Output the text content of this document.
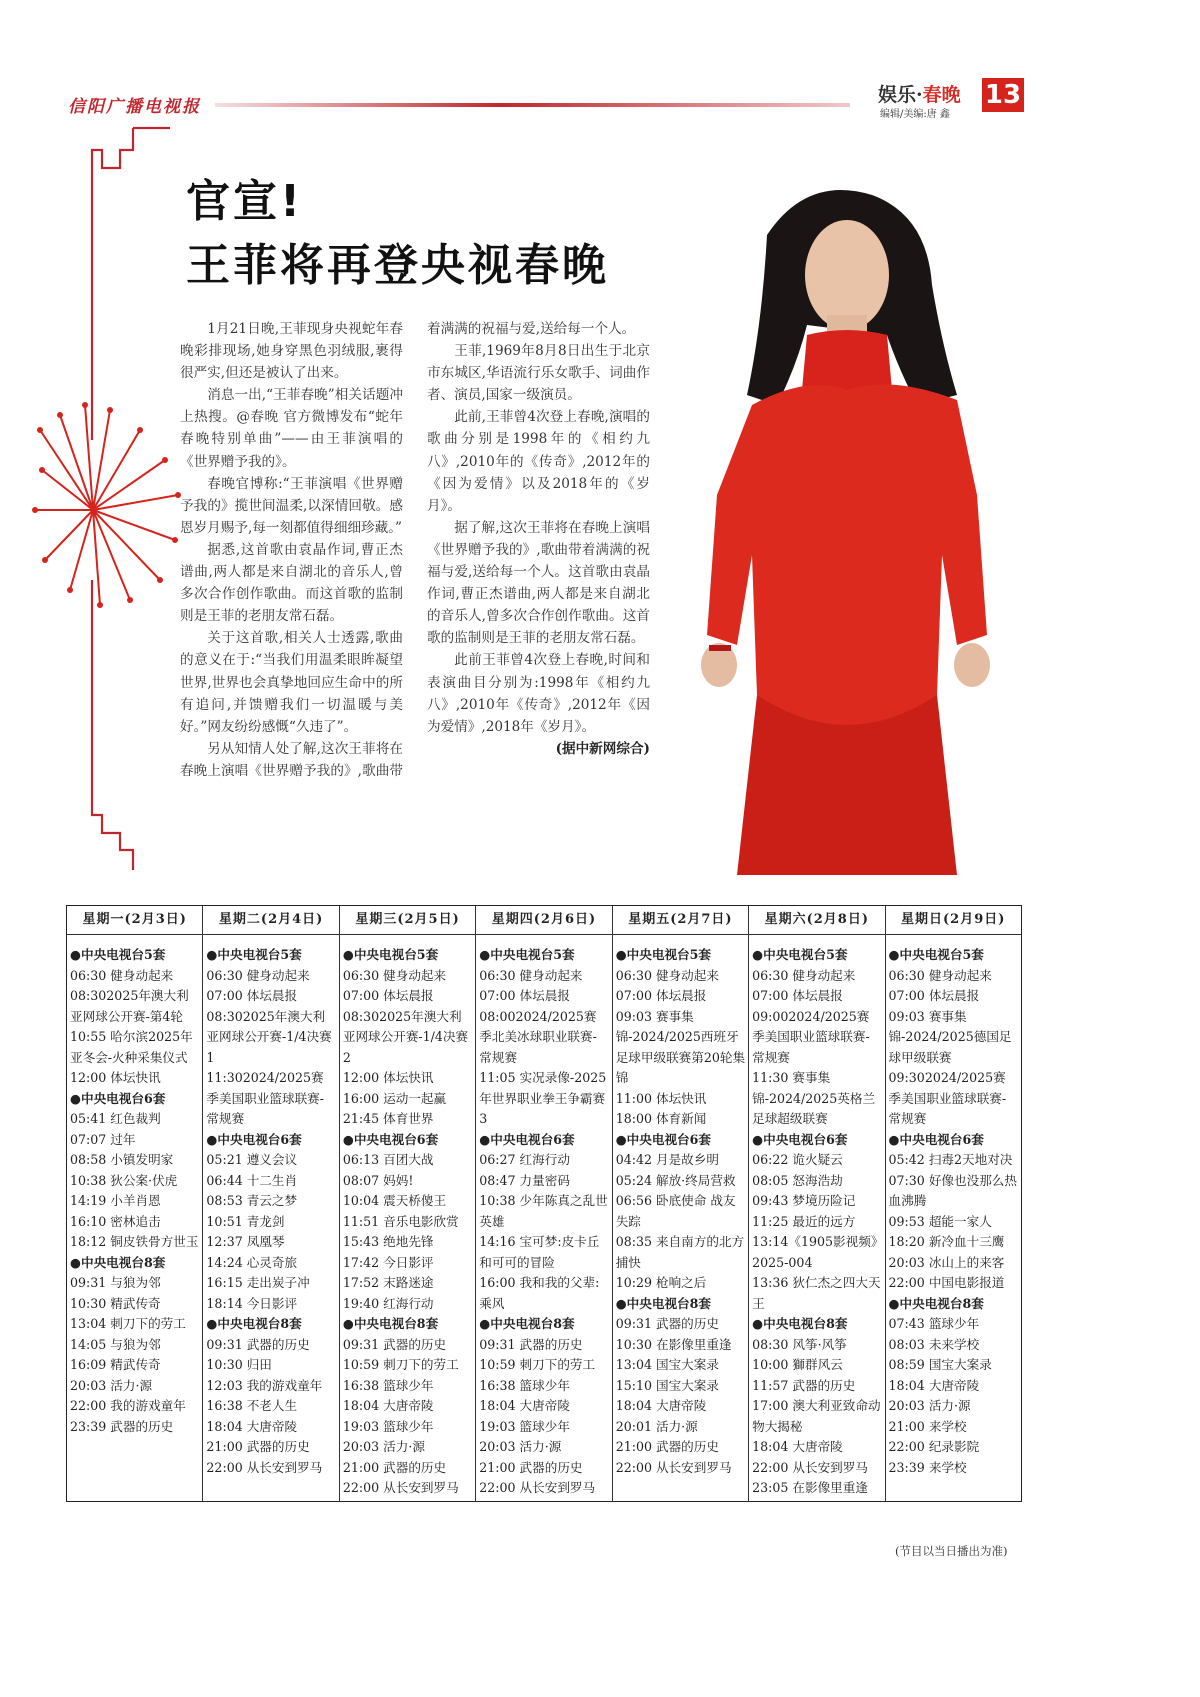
信阳广播电视报
娱乐·春晚
编辑/美编:唐 鑫
13
官宣!
王菲将再登央视春晚

1月21日晚,王菲现身央视蛇年春晚彩排现场,她身穿黑色羽绒服,裹得很严实,但还是被认了出来。

消息一出,“王菲春晚”相关话题冲上热搜。@春晚 官方微博发布“蛇年春晚特别单曲”——由王菲演唱的《世界赠予我的》。

春晚官博称:“王菲演唱《世界赠予我的》揽世间温柔,以深情回敬。感恩岁月赐予,每一刻都值得细细珍藏。”

据悉,这首歌由袁晶作词,曹正杰谱曲,两人都是来自湖北的音乐人,曾多次合作创作歌曲。而这首歌的监制则是王菲的老朋友常石磊。

关于这首歌,相关人士透露,歌曲的意义在于:“当我们用温柔眼眸凝望世界,世界也会真挚地回应生命中的所有追问,并馈赠我们一切温暖与美好。”网友纷纷感慨“久违了”。

另从知情人处了解,这次王菲将在春晚上演唱《世界赠予我的》,歌曲带着满满的祝福与爱,送给每一个人。

王菲,1969年8月8日出生于北京市东城区,华语流行乐女歌手、词曲作者、演员,国家一级演员。

此前,王菲曾4次登上春晚,演唱的歌曲分别是1998年的《相约九八》,2010年的《传奇》,2012年的《因为爱情》以及2018年的《岁月》。

据了解,这次王菲将在春晚上演唱《世界赠予我的》,歌曲带着满满的祝福与爱,送给每一个人。这首歌由袁晶作词,曹正杰谱曲,两人都是来自湖北的音乐人,曾多次合作创作歌曲。这首歌的监制则是王菲的老朋友常石磊。

此前王菲曾4次登上春晚,时间和表演曲目分别为:1998年《相约九八》,2010年《传奇》,2012年《因为爱情》,2018年《岁月》。

(据中新网综合)

星期一(2月3日)
●中央电视台5套
06:30 健身动起来
08:302025年澳大利亚网球公开赛-第4轮
10:55 哈尔滨2025年亚冬会-火种采集仪式
12:00 体坛快讯
●中央电视台6套
05:41 红色裁判
07:07 过年
08:58 小镇发明家
10:38 狄公案·伏虎
14:19 小羊肖恩
16:10 密林追击
18:12 铜皮铁骨方世玉
●中央电视台8套
09:31 与狼为邻
10:30 精武传奇
13:04 刺刀下的劳工
14:05 与狼为邻
16:09 精武传奇
20:03 活力·源
22:00 我的游戏童年
23:39 武器的历史
星期二(2月4日)
●中央电视台5套
06:30 健身动起来
07:00 体坛晨报
08:302025年澳大利亚网球公开赛-1/4决赛1
11:302024/2025赛季美国职业篮球联赛-常规赛
●中央电视台6套
05:21 遵义会议
06:44 十二生肖
08:53 青云之梦
10:51 青龙剑
12:37 凤凰琴
14:24 心灵奇旅
16:15 走出炭子冲
18:14 今日影评
●中央电视台8套
09:31 武器的历史
10:30 归田
12:03 我的游戏童年
16:38 不老人生
18:04 大唐帝陵
21:00 武器的历史
22:00 从长安到罗马
星期三(2月5日)
●中央电视台5套
06:30 健身动起来
07:00 体坛晨报
08:302025年澳大利亚网球公开赛-1/4决赛2
12:00 体坛快讯
16:00 运动一起赢
21:45 体育世界
●中央电视台6套
06:13 百团大战
08:07 妈妈!
10:04 震天桥傻王
11:51 音乐电影欣赏
15:43 绝地先锋
17:42 今日影评
17:52 末路迷途
19:40 红海行动
●中央电视台8套
09:31 武器的历史
10:59 刺刀下的劳工
16:38 篮球少年
18:04 大唐帝陵
19:03 篮球少年
20:03 活力·源
21:00 武器的历史
22:00 从长安到罗马
星期四(2月6日)
●中央电视台5套
06:30 健身动起来
07:00 体坛晨报
08:002024/2025赛季北美冰球职业联赛-常规赛
11:05 实况录像-2025年世界职业拳王争霸赛3
●中央电视台6套
06:27 红海行动
08:47 力量密码
10:38 少年陈真之乱世英雄
14:16 宝可梦:皮卡丘和可可的冒险
16:00 我和我的父辈:乘风
●中央电视台8套
09:31 武器的历史
10:59 刺刀下的劳工
16:38 篮球少年
18:04 大唐帝陵
19:03 篮球少年
20:03 活力·源
21:00 武器的历史
22:00 从长安到罗马
星期五(2月7日)
●中央电视台5套
06:30 健身动起来
07:00 体坛晨报
09:03 赛事集锦-2024/2025西班牙足球甲级联赛第20轮集锦
11:00 体坛快讯
18:00 体育新闻
●中央电视台6套
04:42 月是故乡明
05:24 解放·终局营救
06:56 卧底使命 战友失踪
08:35 来自南方的北方捕快
10:29 枪响之后
●中央电视台8套
09:31 武器的历史
10:30 在影像里重逢
13:04 国宝大案录
15:10 国宝大案录
18:04 大唐帝陵
20:01 活力·源
21:00 武器的历史
22:00 从长安到罗马
星期六(2月8日)
●中央电视台5套
06:30 健身动起来
07:00 体坛晨报
09:002024/2025赛季美国职业篮球联赛-常规赛
11:30 赛事集锦-2024/2025英格兰足球超级联赛
●中央电视台6套
06:22 诡火疑云
08:05 怒海浩劫
09:43 梦境历险记
11:25 最近的远方
13:14《1905影视频》2025-004
13:36 狄仁杰之四大天王
●中央电视台8套
08:30 风筝·风筝
10:00 獅群风云
11:57 武器的历史
17:00 澳大利亚致命动物大揭秘
18:04 大唐帝陵
22:00 从长安到罗马
23:05 在影像里重逢
星期日(2月9日)
●中央电视台5套
06:30 健身动起来
07:00 体坛晨报
09:03 赛事集锦-2024/2025德国足球甲级联赛
09:302024/2025赛季美国职业篮球联赛-常规赛
●中央电视台6套
05:42 扫毒2天地对决
07:30 好像也没那么热血沸腾
09:53 超能一家人
18:20 新冷血十三鹰
20:03 冰山上的来客
22:00 中国电影报道
●中央电视台8套
07:43 篮球少年
08:03 未来学校
08:59 国宝大案录
18:04 大唐帝陵
20:03 活力·源
21:00 来学校
22:00 纪录影院
23:39 来学校
(节目以当日播出为准)
